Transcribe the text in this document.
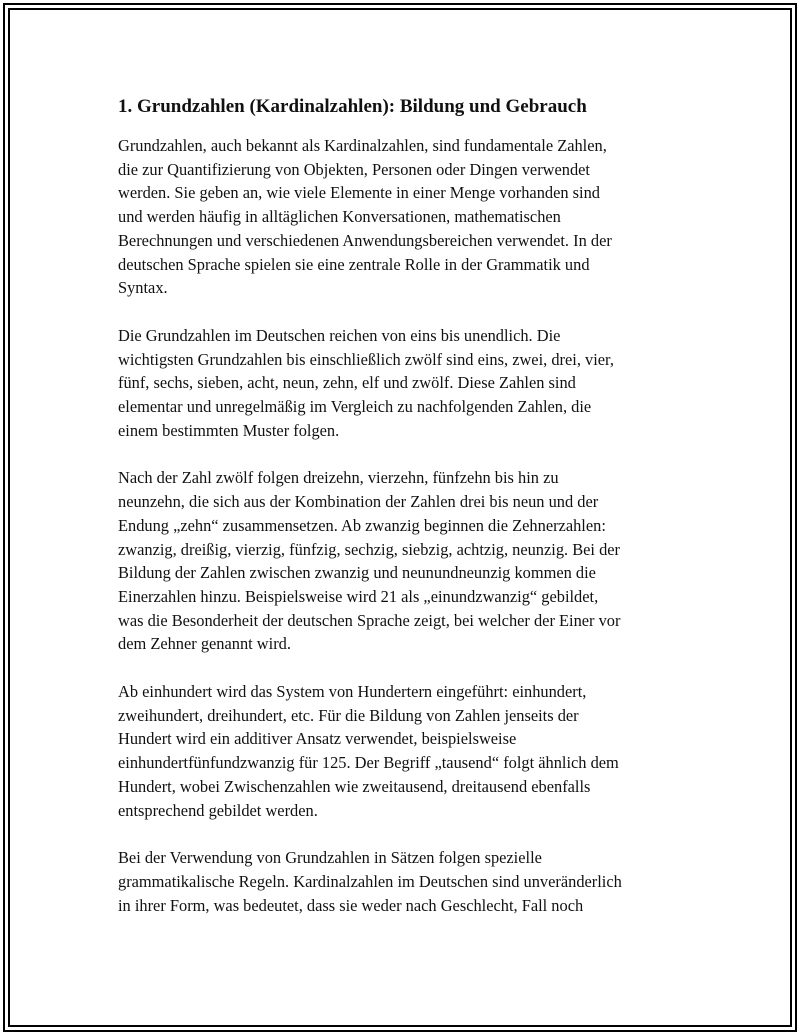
1. Grundzahlen (Kardinalzahlen): Bildung und Gebrauch

Grundzahlen, auch bekannt als Kardinalzahlen, sind fundamentale Zahlen,
die zur Quantifizierung von Objekten, Personen oder Dingen verwendet
werden. Sie geben an, wie viele Elemente in einer Menge vorhanden sind
und werden häufig in alltäglichen Konversationen, mathematischen
Berechnungen und verschiedenen Anwendungsbereichen verwendet. In der
deutschen Sprache spielen sie eine zentrale Rolle in der Grammatik und
Syntax.

Die Grundzahlen im Deutschen reichen von eins bis unendlich. Die
wichtigsten Grundzahlen bis einschließlich zwölf sind eins, zwei, drei, vier,
fünf, sechs, sieben, acht, neun, zehn, elf und zwölf. Diese Zahlen sind
elementar und unregelmäßig im Vergleich zu nachfolgenden Zahlen, die
einem bestimmten Muster folgen.

Nach der Zahl zwölf folgen dreizehn, vierzehn, fünfzehn bis hin zu
neunzehn, die sich aus der Kombination der Zahlen drei bis neun und der
Endung „zehn“ zusammensetzen. Ab zwanzig beginnen die Zehnerzahlen:
zwanzig, dreißig, vierzig, fünfzig, sechzig, siebzig, achtzig, neunzig. Bei der
Bildung der Zahlen zwischen zwanzig und neunundneunzig kommen die
Einerzahlen hinzu. Beispielsweise wird 21 als „einundzwanzig“ gebildet,
was die Besonderheit der deutschen Sprache zeigt, bei welcher der Einer vor
dem Zehner genannt wird.

Ab einhundert wird das System von Hundertern eingeführt: einhundert,
zweihundert, dreihundert, etc. Für die Bildung von Zahlen jenseits der
Hundert wird ein additiver Ansatz verwendet, beispielsweise
einhundertfünfundzwanzig für 125. Der Begriff „tausend“ folgt ähnlich dem
Hundert, wobei Zwischenzahlen wie zweitausend, dreitausend ebenfalls
entsprechend gebildet werden.

Bei der Verwendung von Grundzahlen in Sätzen folgen spezielle
grammatikalische Regeln. Kardinalzahlen im Deutschen sind unveränderlich
in ihrer Form, was bedeutet, dass sie weder nach Geschlecht, Fall noch
